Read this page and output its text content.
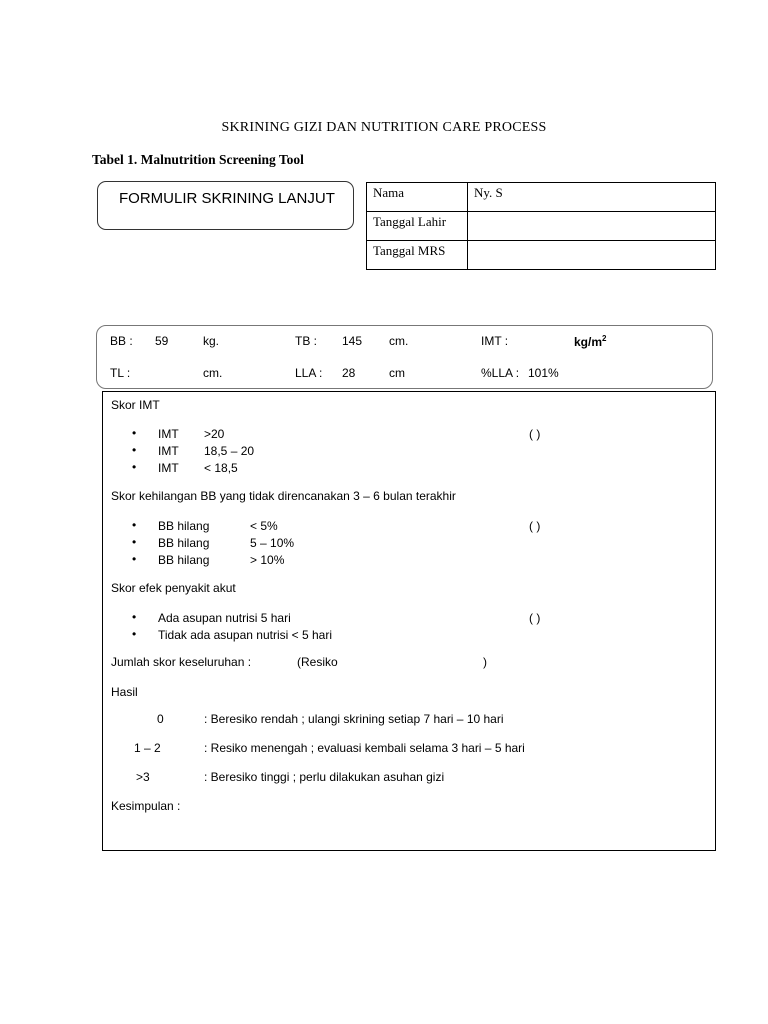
SKRINING GIZI DAN NUTRITION CARE PROCESS
Tabel 1. Malnutrition Screening Tool
FORMULIR SKRINING LANJUT	Nama	Ny. S
Tanggal Lahir	
Tanggal MRS	
BB : 59	kg.	TB : 145 cm.	IMT :	$kg/m^2$
TL :	cm.	LLA : 28	cm	%LLA : 101%
Skor IMT
• IMT >20	( )
• IMT 18,5 – 20
• IMT < 18,5
Skor kehilangan BB yang tidak direncanakan 3 – 6 bulan terakhir
• BB hilang	< 5%	( )
• BB hilang	5 – 10%
• BB hilang	> 10%
Skor efek penyakit akut
• Ada asupan nutrisi 5 hari	( )
• Tidak ada asupan nutrisi < 5 hari
Jumlah skor keseluruhan :	(Resiko	)
Hasil
0	: Beresiko rendah ; ulangi skrining setiap 7 hari – 10 hari
1 – 2	: Resiko menengah ; evaluasi kembali selama 3 hari – 5 hari
>3	: Beresiko tinggi ; perlu dilakukan asuhan gizi
Kesimpulan :
